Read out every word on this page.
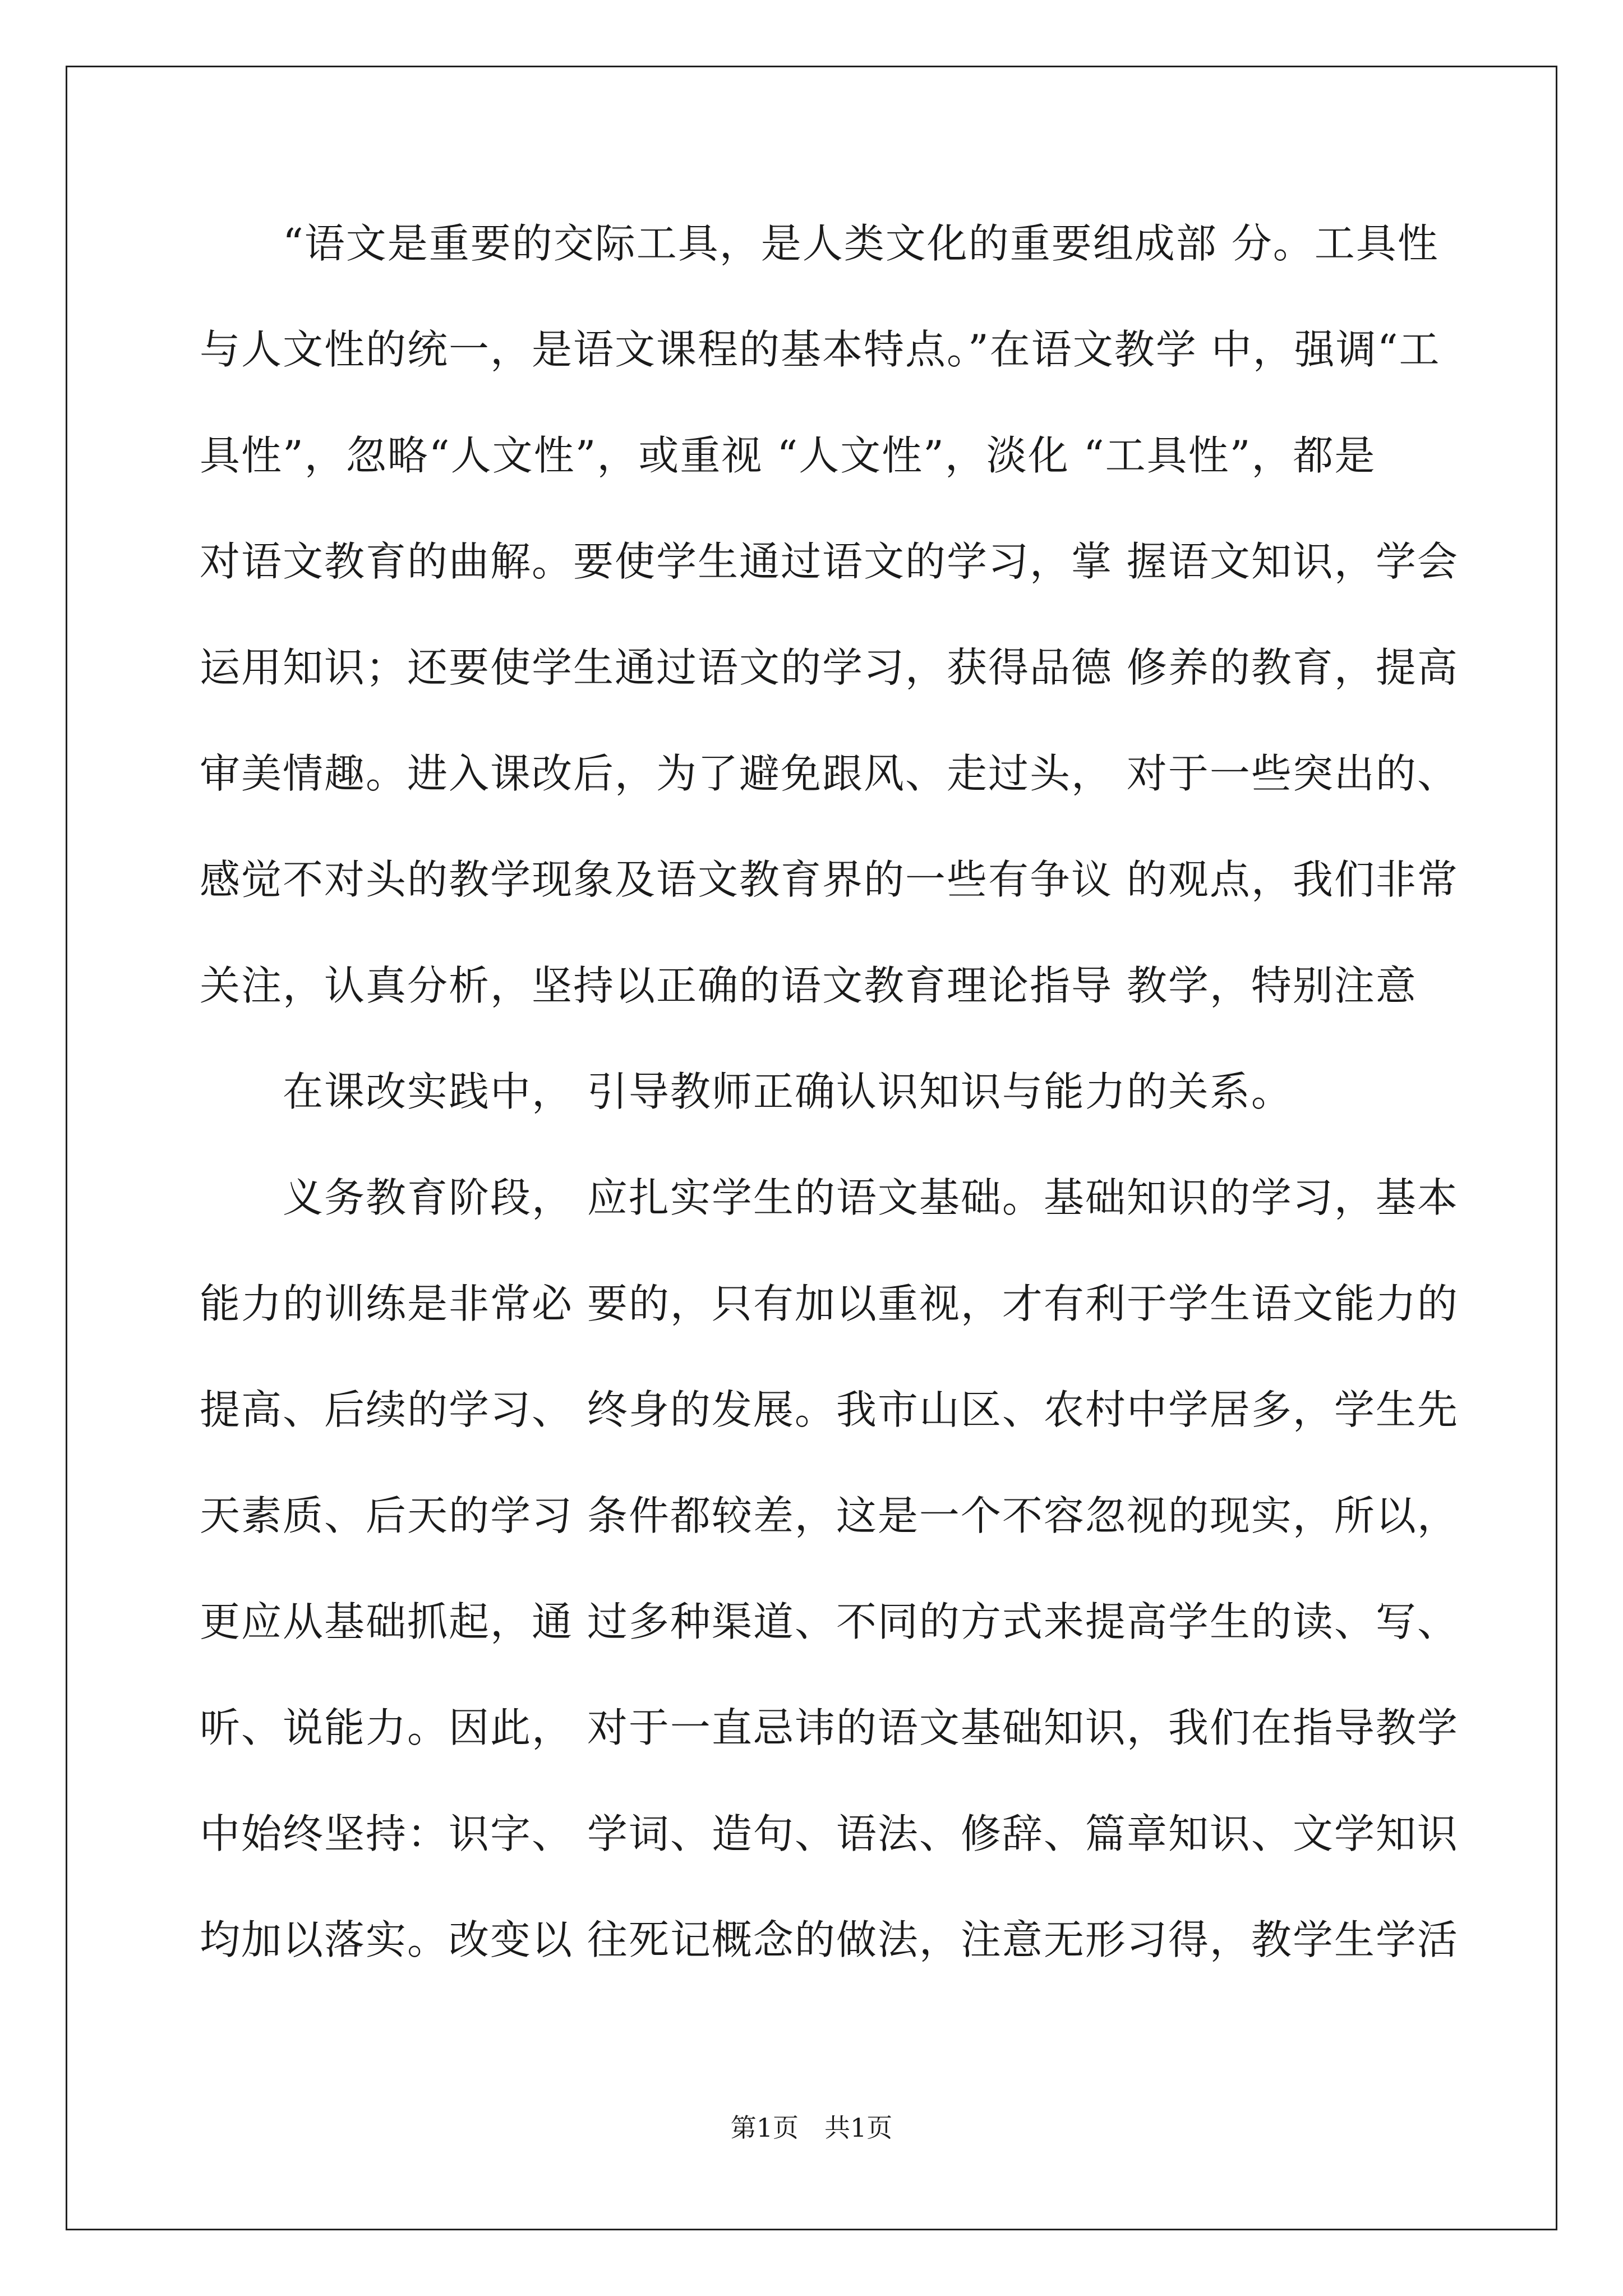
“语文是重要的交际工具，是人类文化的重要组成部 分。工具性
与人文性的统一，是语文课程的基本特点。”在语文教学 中，强调“工
具性”，忽略“人文性”，或重视 “人文性”，淡化 “工具性”，都是
对语文教育的曲解。要使学生通过语文的学习，掌 握语文知识，学会
运用知识；还要使学生通过语文的学习，获得品德 修养的教育，提高
审美情趣。进入课改后，为了避免跟风、走过头， 对于一些突出的、
感觉不对头的教学现象及语文教育界的一些有争议 的观点，我们非常
关注，认真分析，坚持以正确的语文教育理论指导 教学，特别注意
在课改实践中， 引导教师正确认识知识与能力的关系。
义务教育阶段， 应扎实学生的语文基础。基础知识的学习，基本
能力的训练是非常必 要的，只有加以重视，才有利于学生语文能力的
提高、后续的学习、 终身的发展。我市山区、农村中学居多，学生先
天素质、后天的学习 条件都较差，这是一个不容忽视的现实，所以，
更应从基础抓起，通 过多种渠道、不同的方式来提高学生的读、写、
听、说能力。因此， 对于一直忌讳的语文基础知识，我们在指导教学
中始终坚持：识字、 学词、造句、语法、修辞、篇章知识、文学知识
均加以落实。改变以 往死记概念的做法，注意无形习得，教学生学活
第1页　共1页
